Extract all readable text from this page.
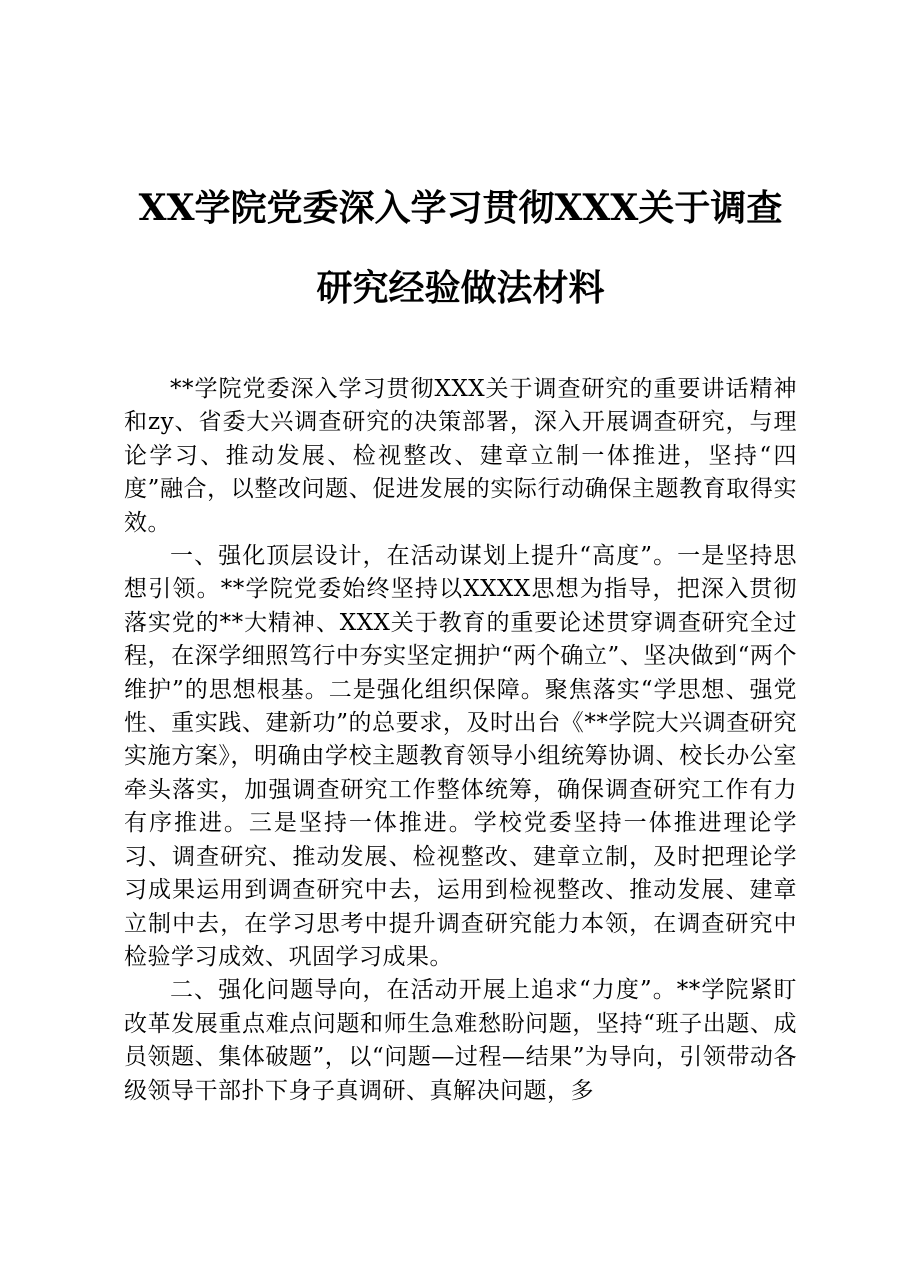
XX学院党委深入学习贯彻XXX关于调查研究经验做法材料

**学院党委深入学习贯彻XXX关于调查研究的重要讲话精神和zy、省委大兴调查研究的决策部署，深入开展调查研究，与理论学习、推动发展、检视整改、建章立制一体推进，坚持“四度”融合，以整改问题、促进发展的实际行动确保主题教育取得实效。

一、强化顶层设计，在活动谋划上提升“高度”。一是坚持思想引领。**学院党委始终坚持以XXXX思想为指导，把深入贯彻落实党的**大精神、XXX关于教育的重要论述贯穿调查研究全过程，在深学细照笃行中夯实坚定拥护“两个确立”、坚决做到“两个维护”的思想根基。二是强化组织保障。聚焦落实“学思想、强党性、重实践、建新功”的总要求，及时出台《**学院大兴调查研究实施方案》，明确由学校主题教育领导小组统筹协调、校长办公室牵头落实，加强调查研究工作整体统筹，确保调查研究工作有力有序推进。三是坚持一体推进。学校党委坚持一体推进理论学习、调查研究、推动发展、检视整改、建章立制，及时把理论学习成果运用到调查研究中去，运用到检视整改、推动发展、建章立制中去，在学习思考中提升调查研究能力本领，在调查研究中检验学习成效、巩固学习成果。

二、强化问题导向，在活动开展上追求“力度”。**学院紧盯改革发展重点难点问题和师生急难愁盼问题，坚持“班子出题、成员领题、集体破题”，以“问题—过程—结果”为导向，引领带动各级领导干部扑下身子真调研、真解决问题，多
